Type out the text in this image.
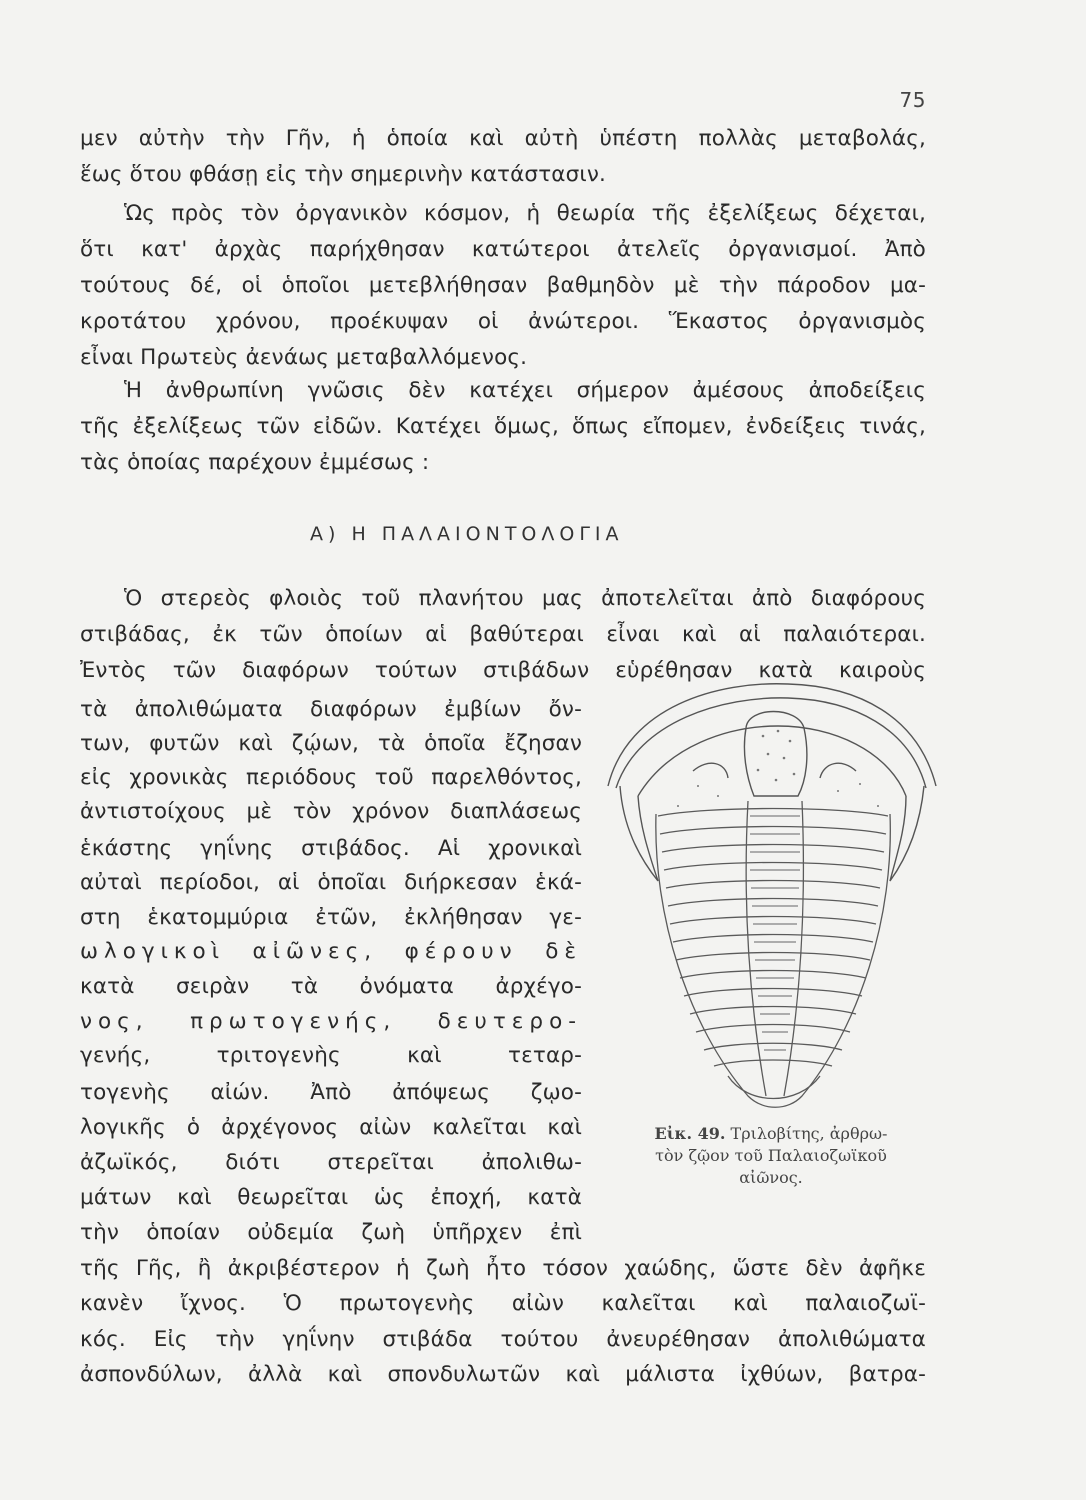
75
μεν αὐτὴν τὴν Γῆν, ἡ ὁποία καὶ αὐτὴ ὑπέστη πολλὰς μεταβολάς,
ἕως ὅτου φθάσῃ εἰς τὴν σημερινὴν κατάστασιν.
Ὡς πρὸς τὸν ὀργανικὸν κόσμον, ἡ θεωρία τῆς ἐξελίξεως δέχεται,
ὅτι κατ' ἀρχὰς παρήχθησαν κατώτεροι ἀτελεῖς ὀργανισμοί. Ἀπὸ
τούτους δέ, οἱ ὁποῖοι μετεβλήθησαν βαθμηδὸν μὲ τὴν πάροδον μα-
κροτάτου χρόνου, προέκυψαν οἱ ἀνώτεροι. Ἕκαστος ὀργανισμὸς
εἶναι Πρωτεὺς ἀενάως μεταβαλλόμενος.
Ἡ ἀνθρωπίνη γνῶσις δὲν κατέχει σήμερον ἀμέσους ἀποδείξεις
τῆς ἐξελίξεως τῶν εἰδῶν. Κατέχει ὅμως, ὅπως εἴπομεν, ἐνδείξεις τινάς,
τὰς ὁποίας παρέχουν ἐμμέσως :
Α) Η ΠΑΛΑΙΟΝΤΟΛΟΓΙΑ
Ὁ στερεὸς φλοιὸς τοῦ πλανήτου μας ἀποτελεῖται ἀπὸ διαφόρους
στιβάδας, ἐκ τῶν ὁποίων αἱ βαθύτεραι εἶναι καὶ αἱ παλαιότεραι.
Ἐντὸς τῶν διαφόρων τούτων στιβάδων εὑρέθησαν κατὰ καιροὺς
τὰ ἀπολιθώματα διαφόρων ἐμβίων ὄν-
των, φυτῶν καὶ ζῴων, τὰ ὁποῖα ἔζησαν
εἰς χρονικὰς περιόδους τοῦ παρελθόντος,
ἀντιστοίχους μὲ τὸν χρόνον διαπλάσεως
ἑκάστης γηΐνης στιβάδος. Αἱ χρονικαὶ
αὐταὶ περίοδοι, αἱ ὁποῖαι διήρκεσαν ἑκά-
στη ἑκατομμύρια ἐτῶν, ἐκλήθησαν γε-
ωλογικοὶ αἰῶνες, φέρουν δὲ
κατὰ σειρὰν τὰ ὀνόματα ἀρχέγο-
νος, πρωτογενής, δευτερο-
γενής, τριτογενὴς καὶ τεταρ-
τογενὴς αἰών. Ἀπὸ ἀπόψεως ζῳο-
λογικῆς ὁ ἀρχέγονος αἰὼν καλεῖται καὶ
ἀζωϊκός, διότι στερεῖται ἀπολιθω-
μάτων καὶ θεωρεῖται ὡς ἐποχή, κατὰ
τὴν ὁποίαν οὐδεμία ζωὴ ὑπῆρχεν ἐπὶ
τῆς Γῆς, ἢ ἀκριβέστερον ἡ ζωὴ ἦτο τόσον χαώδης, ὥστε δὲν ἀφῆκε
κανὲν ἴχνος. Ὁ πρωτογενὴς αἰὼν καλεῖται καὶ παλαιοζωϊ-
κός. Εἰς τὴν γηΐνην στιβάδα τούτου ἀνευρέθησαν ἀπολιθώματα
ἀσπονδύλων, ἀλλὰ καὶ σπονδυλωτῶν καὶ μάλιστα ἰχθύων, βατρα-
Εἰκ. 49. Τριλοβίτης, ἀρθρω-
τὸν ζῷον τοῦ Παλαιοζωϊκοῦ
αἰῶνος.
